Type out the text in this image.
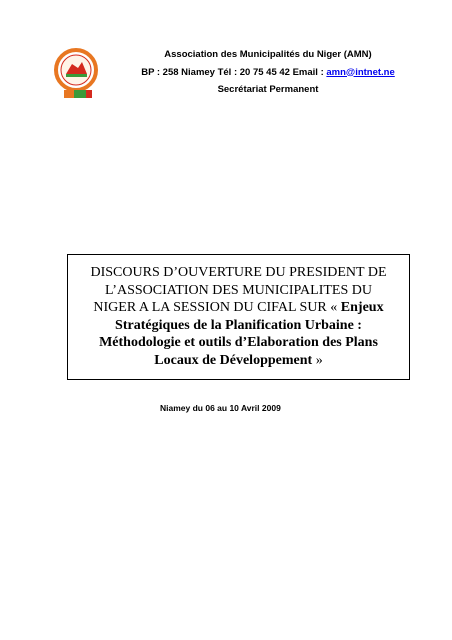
Association des Municipalités du Niger (AMN)
BP : 258 Niamey Tél : 20 75 45 42 Email : amn@intnet.ne
Secrétariat Permanent
DISCOURS D’OUVERTURE DU PRESIDENT DE
L’ASSOCIATION DES MUNICIPALITES DU
NIGER A LA SESSION DU CIFAL SUR « Enjeux
Stratégiques de la Planification Urbaine :
Méthodologie et outils d’Elaboration des Plans
Locaux de Développement »
Niamey du 06 au 10 Avril 2009
